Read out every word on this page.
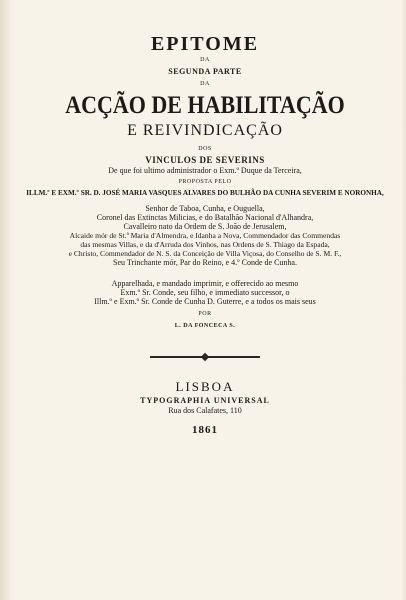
EPITOME
DA
SEGUNDA PARTE
DA
ACÇÃO DE HABILITAÇÃO
E REIVINDICAÇÃO
DOS
VINCULOS DE SEVERINS
De que foi ultimo administrador o Exm.º Duque da Terceira,
PROPOSTA PELO
ILLM.º E EXM.º SR. D. JOSÉ MARIA VASQUES ALVARES DO BULHÃO DA CUNHA SEVERIM E NORONHA,
Senhor de Taboa, Cunha, e Ouguella,
Coronel das Extinctas Milicias, e do Batalhão Nacional d'Alhandra,
Cavalleiro nato da Ordem de S. João de Jerusalem,
Alcaide mór de St.ª Maria d'Almendra, e Idanha a Nova, Commendador das Commendas
das mesmas Villas, e da d'Arruda dos Vinhos, nas Ordens de S. Thiago da Espada,
e Christo, Commendador de N. S. da Conceição de Villa Viçosa, do Conselho de S. M. F.,
Seu Trinchante mór, Par do Reino, e 4.º Conde de Cunha.
Apparelhada, e mandado imprimir, e offerecido ao mesmo
Exm.º Sr. Conde, seu filho, e immediato successor, o
Illm.º e Exm.º Sr. Conde de Cunha D. Guterre, e a todos os mais seus
POR
L. DA FONCECA S.
LISBOA
TYPOGRAPHIA UNIVERSAL
Rua dos Calafates, 110
1861
